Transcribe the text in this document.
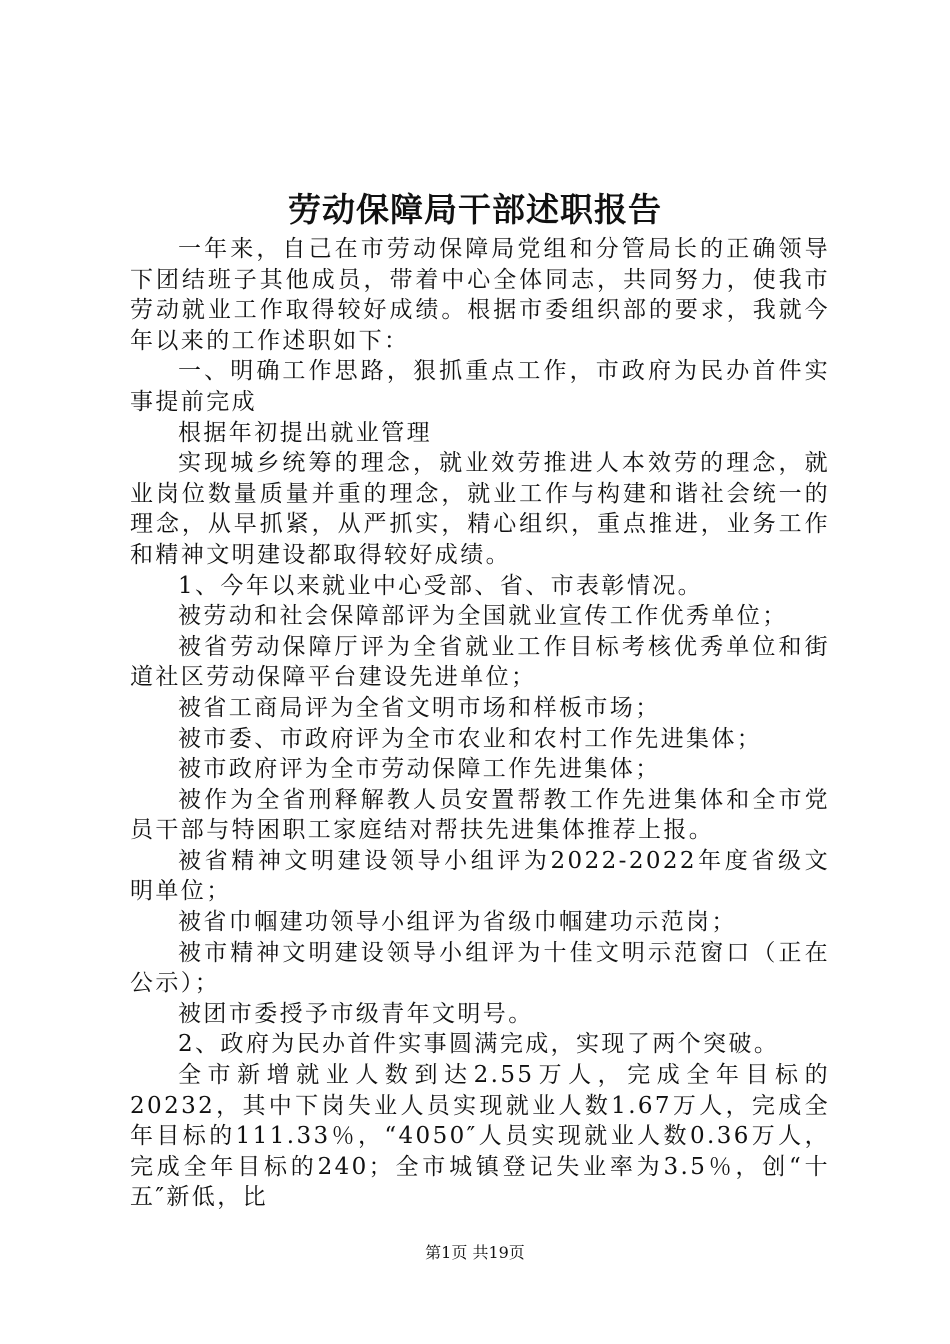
劳动保障局干部述职报告

一年来，自己在市劳动保障局党组和分管局长的正确领导下团结班子其他成员，带着中心全体同志，共同努力，使我市劳动就业工作取得较好成绩。根据市委组织部的要求，我就今年以来的工作述职如下：

一、明确工作思路，狠抓重点工作，市政府为民办首件实事提前完成

根据年初提出就业管理

实现城乡统筹的理念，就业效劳推进人本效劳的理念，就业岗位数量质量并重的理念，就业工作与构建和谐社会统一的理念，从早抓紧，从严抓实，精心组织，重点推进，业务工作和精神文明建设都取得较好成绩。

1、今年以来就业中心受部、省、市表彰情况。

被劳动和社会保障部评为全国就业宣传工作优秀单位；

被省劳动保障厅评为全省就业工作目标考核优秀单位和街道社区劳动保障平台建设先进单位；

被省工商局评为全省文明市场和样板市场；

被市委、市政府评为全市农业和农村工作先进集体；

被市政府评为全市劳动保障工作先进集体；

被作为全省刑释解教人员安置帮教工作先进集体和全市党员干部与特困职工家庭结对帮扶先进集体推荐上报。

被省精神文明建设领导小组评为2022-2022年度省级文明单位；

被省巾帼建功领导小组评为省级巾帼建功示范岗；

被市精神文明建设领导小组评为十佳文明示范窗口（正在公示）；

被团市委授予市级青年文明号。

2、政府为民办首件实事圆满完成，实现了两个突破。

全市新增就业人数到达2.55万人，完成全年目标的20232，其中下岗失业人员实现就业人数1.67万人，完成全年目标的111.33％，“4050″人员实现就业人数0.36万人，完成全年目标的240；全市城镇登记失业率为3.5％，创“十五″新低，比

第1页 共19页
